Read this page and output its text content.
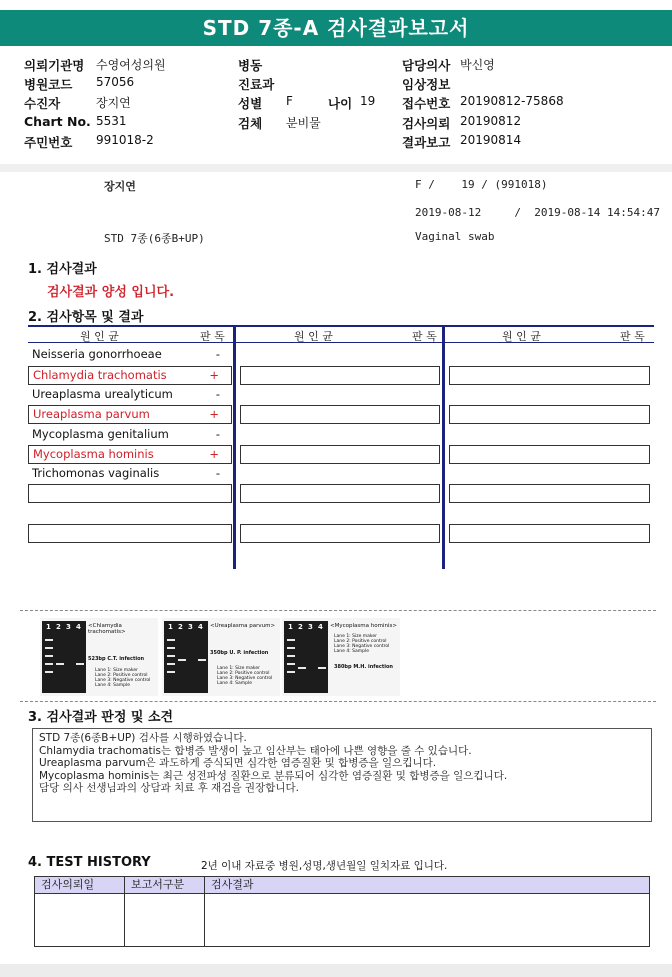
STD 7종-A 검사결과보고서
의뢰기관명 수영여성의원	병동	담당의사 박신영
병원코드 57056	진료과	임상정보
수진자	장지연	성별 F	나이 19 접수번호 20190812-75868
Chart No. 5531	검체 분비물	검사의뢰 20190812
주민번호 991018-2	결과보고 20190814
장지연	F /    19 / (991018)
2019-08-12     /  2019-08-14 14:54:47
STD 7종(6종B+UP)	Vaginal swab
1. 검사결과
검사결과 양성 입니다.
2. 검사항목 및 결과
원 인 균	판 독	원 인 균	판 독	원 인 균	판 독
Neisseria gonorrhoeae	-
Chlamydia trachomatis	+
Ureaplasma urealyticum	-
Ureaplasma parvum	+
Mycoplasma genitalium	-
Mycoplasma hominis	+
Trichomonas vaginalis	-
1 2 3 4 <Chlamydia trachomatis>
523bp C.T. infection
Lane 1: Size maker
Lane 2: Positive control
Lane 3: Negative control
Lane 4: Sample
1 2 3 4 <Ureaplasma parvum>
350bp U. P. infection
Lane 1: Size maker
Lane 2: Positive control
Lane 3: Negative control
Lane 4: Sample
1 2 3 4 <Mycoplasma hominis>
Lane 1: Size maker
Lane 2: Positive control
Lane 3: Negative control
Lane 4: Sample
380bp M.H. infection
3. 검사결과 판정 및 소견
STD 7종(6종B+UP) 검사를 시행하였습니다.
Chlamydia trachomatis는 합병증 발생이 높고 임산부는 태아에 나쁜 영향을 줄 수 있습니다.
Ureaplasma parvum은 과도하게 증식되면 심각한 염증질환 및 합병증을 일으킵니다.
Mycoplasma hominis는 최근 성전파성 질환으로 분류되어 심각한 염증질환 및 합병증을 일으킵니다.
담당 의사 선생님과의 상담과 치료 후 재검을 권장합니다.
4. TEST HISTORY	2년 이내 자료중 병원,성명,생년월일 일치자료 입니다.
검사의뢰일	보고서구분	검사결과
